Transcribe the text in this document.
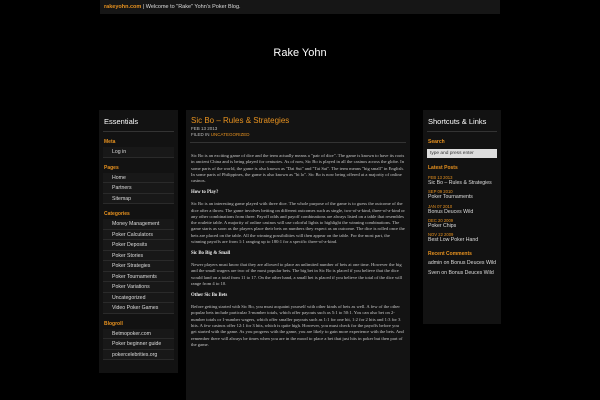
rakeyohn.com | Welcome to "Rake" Yohn's Poker Blog.
Rake Yohn
Essentials
Meta
Log in
Pages
Home
Partners
Sitemap
Categories
Money Management
Poker Calculators
Poker Deposits
Poker Stories
Poker Strategies
Poker Tournaments
Poker Variations
Uncategorized
Video Poker Games
Blogroll
Betmopoker.com
Poker beginner guide
pokercelebrities.org
Sic Bo – Rules & Strategies
FEB 13 2013
FILED IN UNCATEGORIZED

Sic Bo is an exciting game of dice and the term actually means a "pair of dice". The game is known to have its roots in ancient China and is being played for centuries. As of now, Sic Bo is played in all the casinos across the globe. In some parts of the world, the game is also known as "Dai Sui" and "Tai Sai". The term means "big small" in English. In some parts of Philippines, the game is also known as "hi lo". Sic Bo is now being offered at a majority of online casinos.

How to Play?

Sic Bo is an interesting game played with three dice. The whole purpose of the game is to guess the outcome of the dice after a throw. The game involves betting on different outcomes such as single, two-of-a-kind, three-of-a-kind or any other combinations from three. Payoff odds and payoff combinations are always listed on a table that resembles the roulette table. A majority of online casinos will use colorful lights to highlight the winning combinations. The game starts as soon as the players place their bets on numbers they expect as an outcome. The dice is rolled once the bets are placed on the table. All the winning possibilities will then appear on the table. For the most part, the winning payoffs are from 1:1 ranging up to 180:1 for a specific three-of-a-kind.

Sic Bo Big & Small

Newer players must know that they are allowed to place an unlimited number of bets at one time. However the big and the small wagers are two of the most popular bets. The big bet in Sic Bo is placed if you believe that the dice would land on a total from 11 to 17. On the other hand, a small bet is placed if you believe the total of the dice will range from 4 to 10.

Other Sic Bo Bets

Before getting started with Sic Bo, you must acquaint yourself with other kinds of bets as well. A few of the other popular bets include particular 3-number totals, which offer payouts such as 5:1 to 50:1. You can also bet on 2-number totals or 1-number wagers, which offer smaller payouts such as 1:1 for one hit, 1:2 for 2 hits and 1:3 for 3 hits. A few casinos offer 12:1 for 3 hits, which is quite high. However, you must check for the payoffs before you get started with the game. As you progress with the game, you are likely to gain more experience with the bets. And remember there will always be times when you are in the mood to place a bet that just hits in poker but then part of the game.

Shortcuts & Links
Search
type and press enter
Latest Posts
FEB 13 2013
Sic Bo – Rules & Strategies
SEP 09 2010
Poker Tournaments
JAN 07 2010
Bonus Deuces Wild
DEC 20 2009
Poker Chips
NOV 22 2009
Best Low Poker Hand
Recent Comments
admin on Bonus Deuces Wild
Sven on Bonus Deuces Wild
